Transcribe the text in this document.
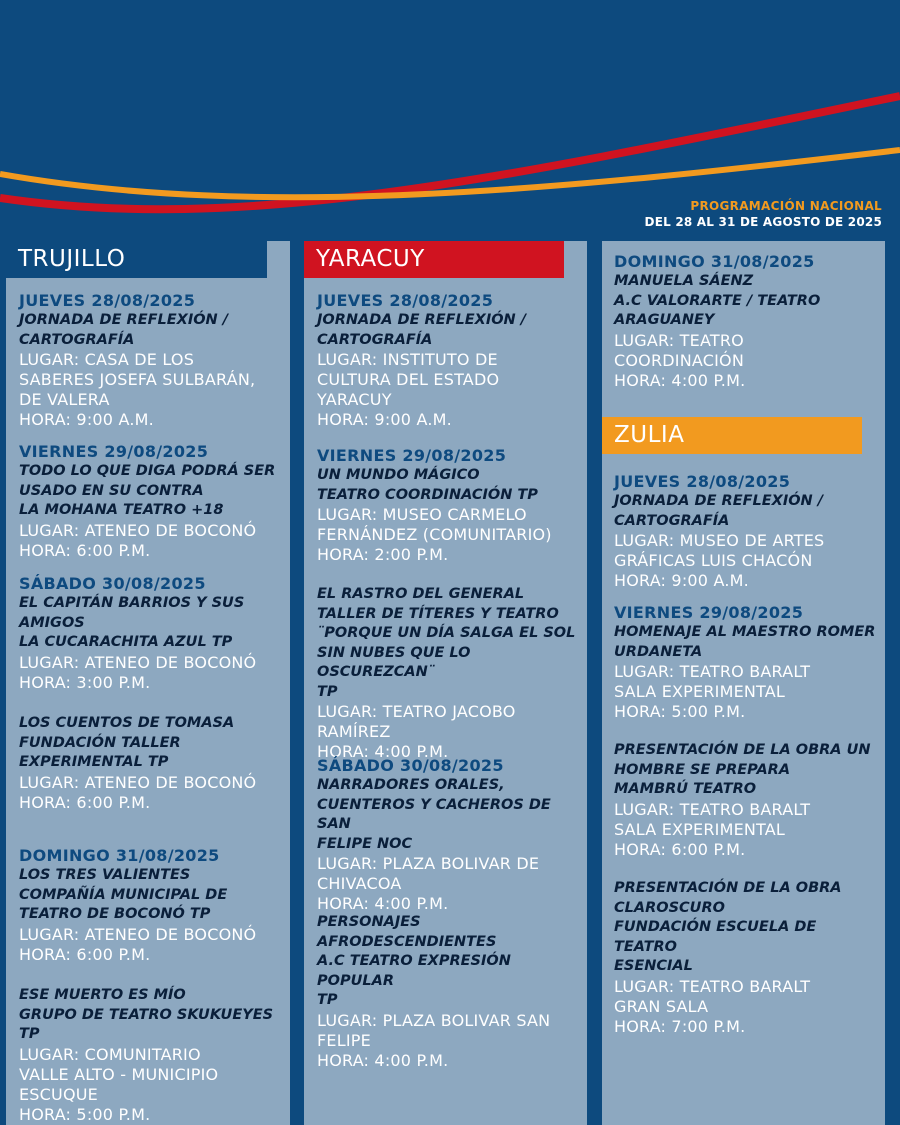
PROGRAMACIÓN NACIONAL
DEL 28 AL 31 DE AGOSTO DE 2025
TRUJILLO	YARACUY
ZULIA
JUEVES 28/08/2025
JORNADA DE REFLEXIÓN /
CARTOGRAFÍA
LUGAR: CASA DE LOS
SABERES JOSEFA SULBARÁN,
DE VALERA
HORA: 9:00 A.M.
VIERNES 29/08/2025
TODO LO QUE DIGA PODRÁ SER
USADO EN SU CONTRA
LA MOHANA TEATRO +18
LUGAR: ATENEO DE BOCONÓ
HORA: 6:00 P.M.
SÁBADO 30/08/2025
EL CAPITÁN BARRIOS Y SUS
AMIGOS
LA CUCARACHITA AZUL TP
LUGAR: ATENEO DE BOCONÓ
HORA: 3:00 P.M.
LOS CUENTOS DE TOMASA
FUNDACIÓN TALLER
EXPERIMENTAL TP
LUGAR: ATENEO DE BOCONÓ
HORA: 6:00 P.M.
DOMINGO 31/08/2025
LOS TRES VALIENTES
COMPAÑÍA MUNICIPAL DE
TEATRO DE BOCONÓ TP
LUGAR: ATENEO DE BOCONÓ
HORA: 6:00 P.M.
ESE MUERTO ES MÍO
GRUPO DE TEATRO SKUKUEYES TP
LUGAR: COMUNITARIO
VALLE ALTO - MUNICIPIO
ESCUQUE
HORA: 5:00 P.M.
JUEVES 28/08/2025
JORNADA DE REFLEXIÓN /
CARTOGRAFÍA
LUGAR: INSTITUTO DE
CULTURA DEL ESTADO
YARACUY
HORA: 9:00 A.M.
VIERNES 29/08/2025
UN MUNDO MÁGICO
TEATRO COORDINACIÓN TP
LUGAR: MUSEO CARMELO
FERNÁNDEZ (COMUNITARIO)
HORA: 2:00 P.M.
EL RASTRO DEL GENERAL
TALLER DE TÍTERES Y TEATRO
¨PORQUE UN DÍA SALGA EL SOL
SIN NUBES QUE LO OSCUREZCAN¨
TP
LUGAR: TEATRO JACOBO
RAMÍREZ
HORA: 4:00 P.M.
SÁBADO 30/08/2025
NARRADORES ORALES,
CUENTEROS Y CACHEROS DE SAN
FELIPE NOC
LUGAR: PLAZA BOLIVAR DE
CHIVACOA
HORA: 4:00 P.M.
PERSONAJES
AFRODESCENDIENTES
A.C TEATRO EXPRESIÓN POPULAR
TP
LUGAR: PLAZA BOLIVAR SAN
FELIPE
HORA: 4:00 P.M.
DOMINGO 31/08/2025
MANUELA SÁENZ
A.C VALORARTE / TEATRO
ARAGUANEY
LUGAR: TEATRO
COORDINACIÓN
HORA: 4:00 P.M.
JUEVES 28/08/2025
JORNADA DE REFLEXIÓN /
CARTOGRAFÍA
LUGAR: MUSEO DE ARTES
GRÁFICAS LUIS CHACÓN
HORA: 9:00 A.M.
VIERNES 29/08/2025
HOMENAJE AL MAESTRO ROMER
URDANETA
LUGAR: TEATRO BARALT
SALA EXPERIMENTAL
HORA: 5:00 P.M.
PRESENTACIÓN DE LA OBRA UN
HOMBRE SE PREPARA
MAMBRÚ TEATRO
LUGAR: TEATRO BARALT
SALA EXPERIMENTAL
HORA: 6:00 P.M.
PRESENTACIÓN DE LA OBRA
CLAROSCURO
FUNDACIÓN ESCUELA DE TEATRO
ESENCIAL
LUGAR: TEATRO BARALT
GRAN SALA
HORA: 7:00 P.M.
